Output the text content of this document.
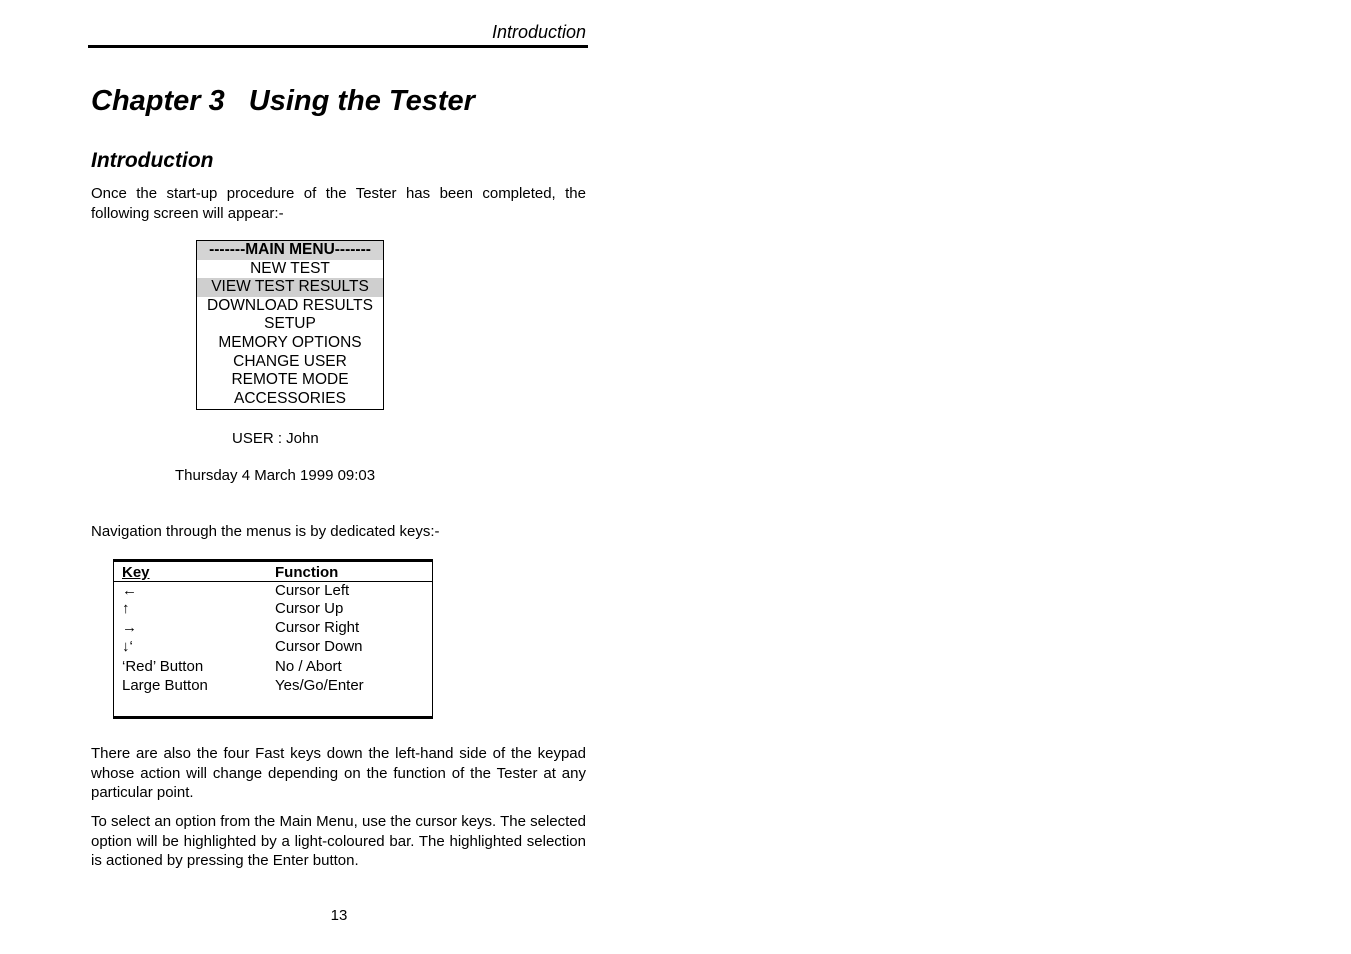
Introduction
Chapter 3 Using the Tester
Introduction

Once the start-up procedure of the Tester has been completed, the following screen will appear:-

-------MAIN MENU-------
NEW TEST
VIEW TEST RESULTS
DOWNLOAD RESULTS
SETUP
MEMORY OPTIONS
CHANGE USER
REMOTE MODE
ACCESSORIES
USER : John
Thursday 4 March 1999 09:03

Navigation through the menus is by dedicated keys:-

Key	Function
←	Cursor Left
↑	Cursor Up
→	Cursor Right
↓‘	Cursor Down
‘Red’ Button	No / Abort
Large Button	Yes/Go/Enter

There are also the four Fast keys down the left-hand side of the keypad whose action will change depending on the function of the Tester at any particular point.

To select an option from the Main Menu, use the cursor keys. The selected option will be highlighted by a light-coloured bar. The highlighted selection is actioned by pressing the Enter button.

13
